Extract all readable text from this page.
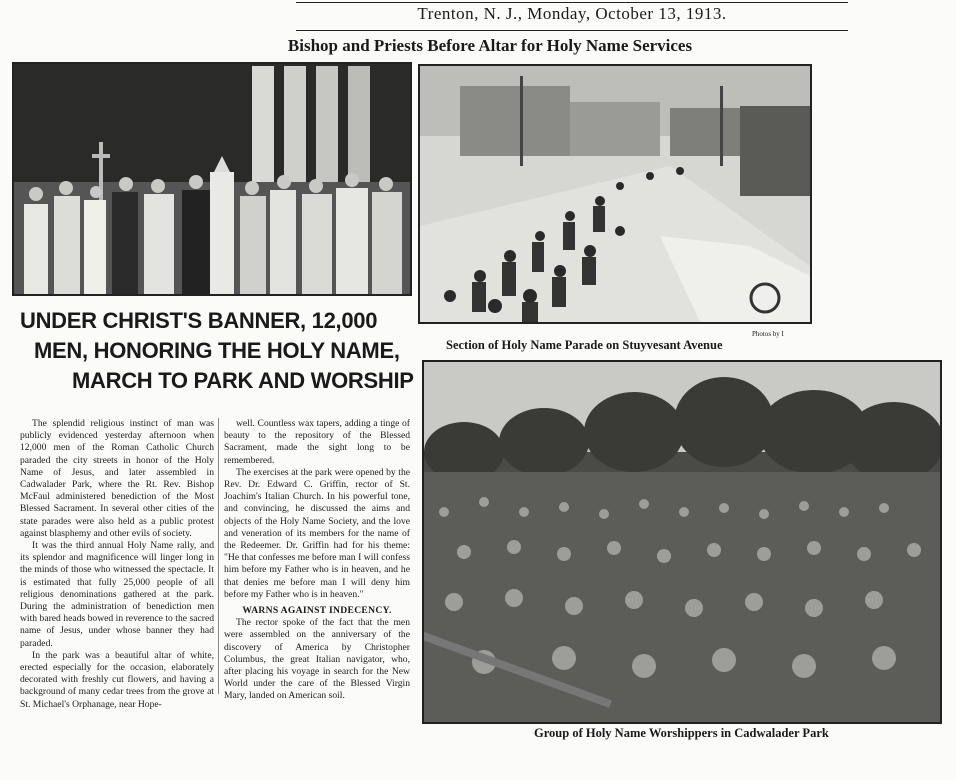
Trenton, N. J., Monday, October 13, 1913.
Bishop and Priests Before Altar for Holy Name Services
Section of Holy Name Parade on Stuyvesant Avenue
Photos by I
Group of Holy Name Worshippers in Cadwalader Park
UNDER CHRIST'S BANNER, 12,000
MEN, HONORING THE HOLY NAME,
MARCH TO PARK AND WORSHIP

The splendid religious instinct of man was publicly evidenced yesterday afternoon when 12,000 men of the Roman Catholic Church paraded the city streets in honor of the Holy Name of Jesus, and later assembled in Cadwalader Park, where the Rt. Rev. Bishop McFaul administered benediction of the Most Blessed Sacrament. In several other cities of the state parades were also held as a public protest against blasphemy and other evils of society.

It was the third annual Holy Name rally, and its splendor and magnificence will linger long in the minds of those who witnessed the spectacle. It is estimated that fully 25,000 people of all religious denominations gathered at the park. During the administration of benediction men with bared heads bowed in reverence to the sacred name of Jesus, under whose banner they had paraded.

In the park was a beautiful altar of white, erected especially for the occasion, elaborately decorated with freshly cut flowers, and having a background of many cedar trees from the grove at St. Michael's Orphanage, near Hope-

well. Countless wax tapers, adding a tinge of beauty to the repository of the Blessed Sacrament, made the sight long to be remembered.

The exercises at the park were opened by the Rev. Dr. Edward C. Griffin, rector of St. Joachim's Italian Church. In his powerful tone, and convincing, he discussed the aims and objects of the Holy Name Society, and the love and veneration of its members for the name of the Redeemer. Dr. Griffin had for his theme: "He that confesses me before man I will confess him before my Father who is in heaven, and he that denies me before man I will deny him before my Father who is in heaven."

WARNS AGAINST INDECENCY.

The rector spoke of the fact that the men were assembled on the anniversary of the discovery of America by Christopher Columbus, the great Italian navigator, who, after placing his voyage in search for the New World under the care of the Blessed Virgin Mary, landed on American soil.
